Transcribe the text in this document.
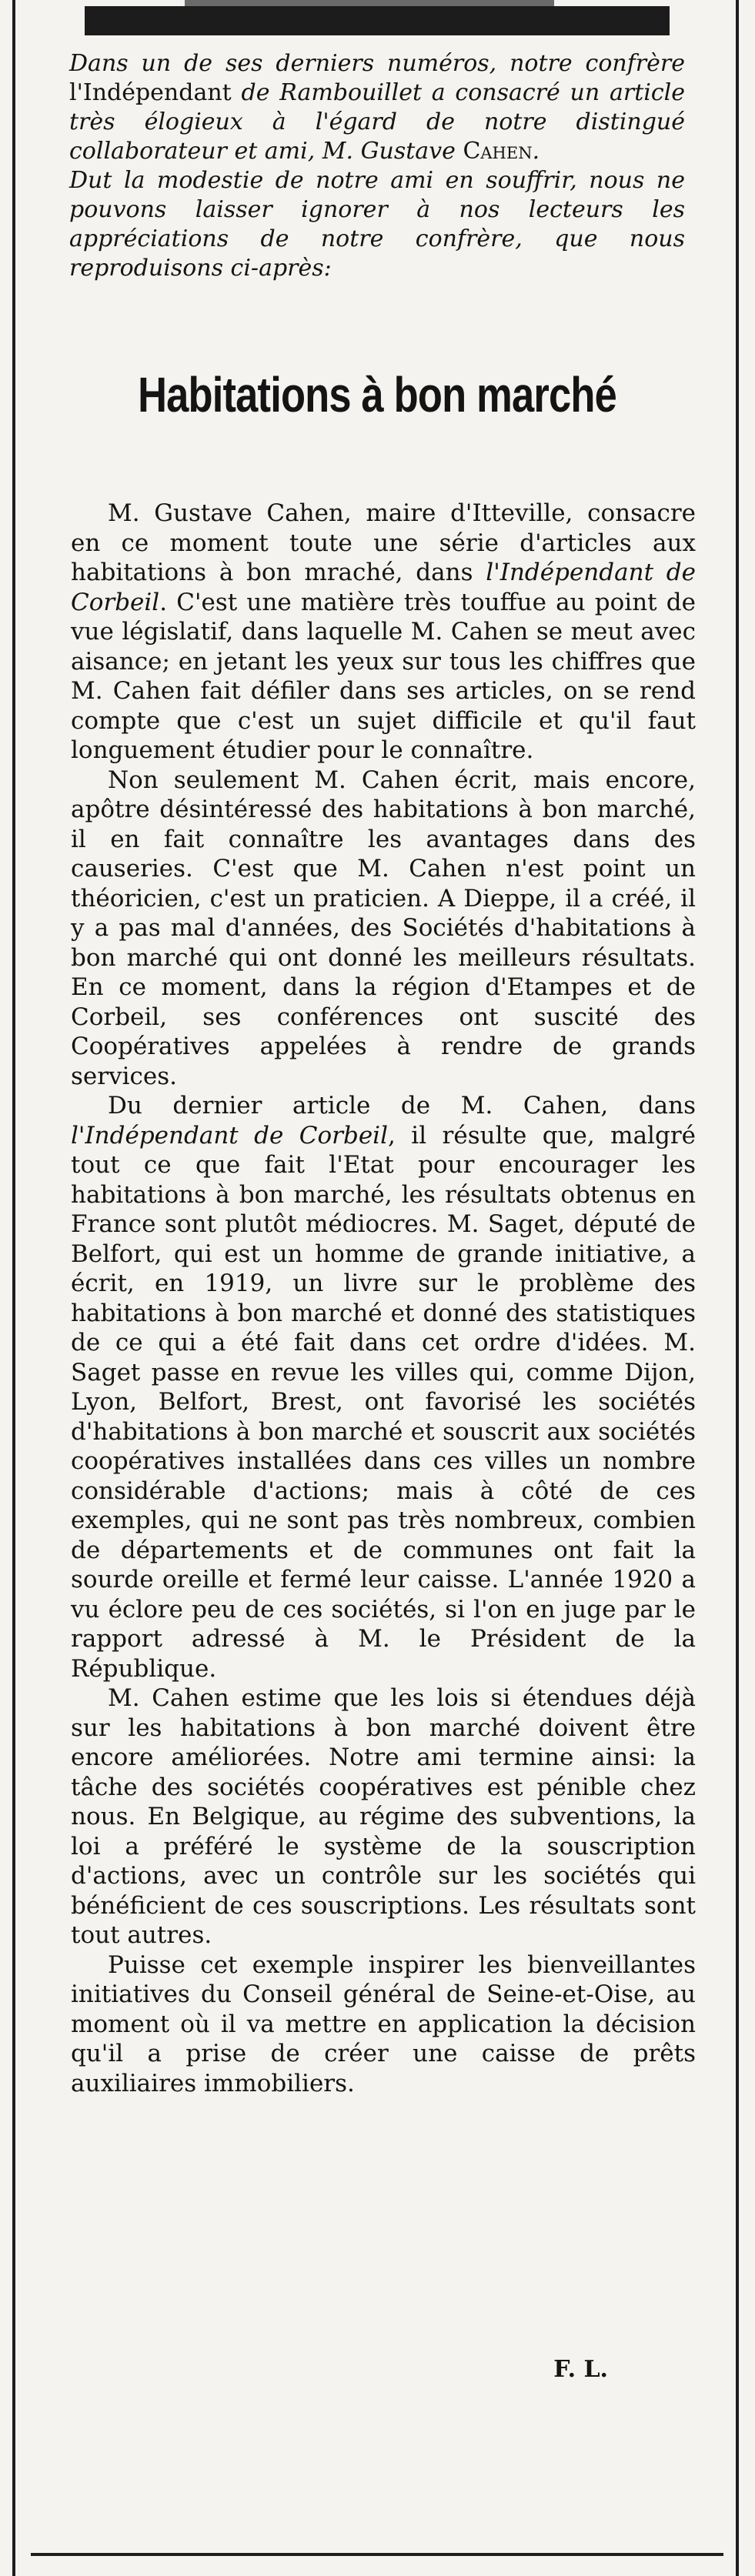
Dans un de ses derniers numéros, notre confrère l'Indépendant de Rambouillet a consacré un article très élogieux à l'égard de notre distingué collaborateur et ami, M. Gustave Cahen.

Dut la modestie de notre ami en souffrir, nous ne pouvons laisser ignorer à nos lecteurs les appréciations de notre confrère, que nous reproduisons ci-après:

Habitations à bon marché

M. Gustave Cahen, maire d'Itteville, consacre en ce moment toute une série d'articles aux habitations à bon mraché, dans l'Indépendant de Corbeil. C'est une matière très touffue au point de vue législatif, dans laquelle M. Cahen se meut avec aisance; en jetant les yeux sur tous les chiffres que M. Cahen fait défiler dans ses articles, on se rend compte que c'est un sujet difficile et qu'il faut longuement étudier pour le connaître.

Non seulement M. Cahen écrit, mais encore, apôtre désintéressé des habitations à bon marché, il en fait connaître les avantages dans des causeries. C'est que M. Cahen n'est point un théoricien, c'est un praticien. A Dieppe, il a créé, il y a pas mal d'années, des Sociétés d'habitations à bon marché qui ont donné les meilleurs résultats. En ce moment, dans la région d'Etampes et de Corbeil, ses conférences ont suscité des Coopératives appelées à rendre de grands services.

Du dernier article de M. Cahen, dans l'Indépendant de Corbeil, il résulte que, malgré tout ce que fait l'Etat pour encourager les habitations à bon marché, les résultats obtenus en France sont plutôt médiocres. M. Saget, député de Belfort, qui est un homme de grande initiative, a écrit, en 1919, un livre sur le problème des habitations à bon marché et donné des statistiques de ce qui a été fait dans cet ordre d'idées. M. Saget passe en revue les villes qui, comme Dijon, Lyon, Belfort, Brest, ont favorisé les sociétés d'habitations à bon marché et souscrit aux sociétés coopératives installées dans ces villes un nombre considérable d'actions; mais à côté de ces exemples, qui ne sont pas très nombreux, combien de départements et de communes ont fait la sourde oreille et fermé leur caisse. L'année 1920 a vu éclore peu de ces sociétés, si l'on en juge par le rapport adressé à M. le Président de la République.

M. Cahen estime que les lois si étendues déjà sur les habitations à bon marché doivent être encore améliorées. Notre ami termine ainsi: la tâche des sociétés coopératives est pénible chez nous. En Belgique, au régime des subventions, la loi a préféré le système de la souscription d'actions, avec un contrôle sur les sociétés qui bénéficient de ces souscriptions. Les résultats sont tout autres.

Puisse cet exemple inspirer les bienveillantes initiatives du Conseil général de Seine-et-Oise, au moment où il va mettre en application la décision qu'il a prise de créer une caisse de prêts auxiliaires immobiliers.

F. L.
